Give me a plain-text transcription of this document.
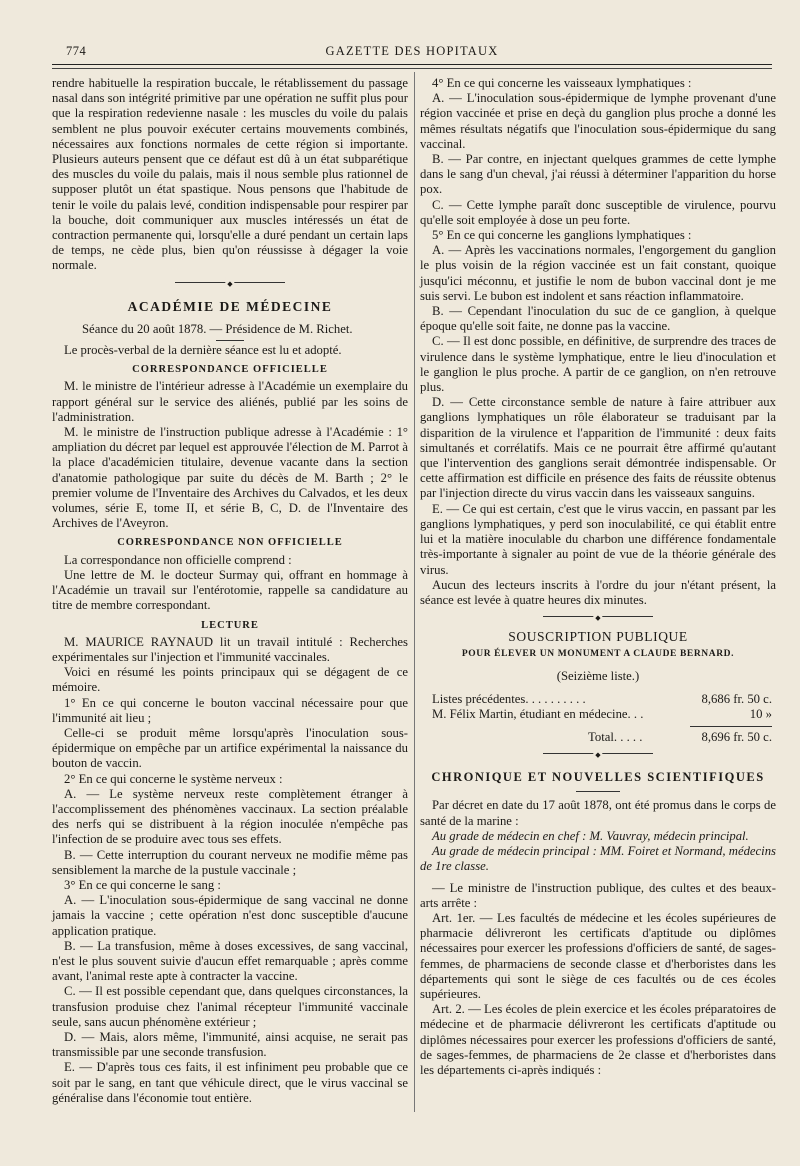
774	GAZETTE DES HOPITAUX

rendre habituelle la respiration buccale, le rétablissement du passage nasal dans son intégrité primitive par une opération ne suffit plus pour que la respiration redevienne nasale : les muscles du voile du palais semblent ne plus pouvoir exécuter certains mouvements combinés, nécessaires aux fonctions normales de cette région si importante. Plusieurs auteurs pensent que ce défaut est dû à un état subparétique des muscles du voile du palais, mais il nous semble plus rationnel de supposer plutôt un état spastique. Nous pensons que l'habitude de tenir le voile du palais levé, condition indispensable pour respirer par la bouche, doit communiquer aux muscles intéressés un état de contraction permanente qui, lorsqu'elle a duré pendant un certain laps de temps, ne cède plus, bien qu'on réussisse à dégager la voie normale.

◆
ACADÉMIE DE MÉDECINE

Séance du 20 août 1878. — Présidence de M. Richet.

Le procès-verbal de la dernière séance est lu et adopté.

CORRESPONDANCE OFFICIELLE

M. le ministre de l'intérieur adresse à l'Académie un exemplaire du rapport général sur le service des aliénés, publié par les soins de l'administration.

M. le ministre de l'instruction publique adresse à l'Académie : 1° ampliation du décret par lequel est approuvée l'élection de M. Parrot à la place d'académicien titulaire, devenue vacante dans la section d'anatomie pathologique par suite du décès de M. Barth ; 2° le premier volume de l'Inventaire des Archives du Calvados, et les deux volumes, série E, tome II, et série B, C, D. de l'Inventaire des Archives de l'Aveyron.

CORRESPONDANCE NON OFFICIELLE

La correspondance non officielle comprend :

Une lettre de M. le docteur Surmay qui, offrant en hommage à l'Académie un travail sur l'entérotomie, rappelle sa candidature au titre de membre correspondant.

LECTURE

M. MAURICE RAYNAUD lit un travail intitulé : Recherches expérimentales sur l'injection et l'immunité vaccinales.

Voici en résumé les points principaux qui se dégagent de ce mémoire.

1° En ce qui concerne le bouton vaccinal nécessaire pour que l'immunité ait lieu ;

Celle-ci se produit même lorsqu'après l'inoculation sous-épidermique on empêche par un artifice expérimental la naissance du bouton de vaccin.

2° En ce qui concerne le système nerveux :

A. — Le système nerveux reste complètement étranger à l'accomplissement des phénomènes vaccinaux. La section préalable des nerfs qui se distribuent à la région inoculée n'empêche pas l'infection de se produire avec tous ses effets.

B. — Cette interruption du courant nerveux ne modifie même pas sensiblement la marche de la pustule vaccinale ;

3° En ce qui concerne le sang :

A. — L'inoculation sous-épidermique de sang vaccinal ne donne jamais la vaccine ; cette opération n'est donc susceptible d'aucune application pratique.

B. — La transfusion, même à doses excessives, de sang vaccinal, n'est le plus souvent suivie d'aucun effet remarquable ; après comme avant, l'animal reste apte à contracter la vaccine.

C. — Il est possible cependant que, dans quelques circonstances, la transfusion produise chez l'animal récepteur l'immunité vaccinale seule, sans aucun phénomène extérieur ;

D. — Mais, alors même, l'immunité, ainsi acquise, ne serait pas transmissible par une seconde transfusion.

E. — D'après tous ces faits, il est infiniment peu probable que ce soit par le sang, en tant que véhicule direct, que le virus vaccinal se généralise dans l'économie tout entière.

4° En ce qui concerne les vaisseaux lymphatiques :

A. — L'inoculation sous-épidermique de lymphe provenant d'une région vaccinée et prise en deçà du ganglion plus proche a donné les mêmes résultats négatifs que l'inoculation sous-épidermique du sang vaccinal.

B. — Par contre, en injectant quelques grammes de cette lymphe dans le sang d'un cheval, j'ai réussi à déterminer l'apparition du horse pox.

C. — Cette lymphe paraît donc susceptible de virulence, pourvu qu'elle soit employée à dose un peu forte.

5° En ce qui concerne les ganglions lymphatiques :

A. — Après les vaccinations normales, l'engorgement du ganglion le plus voisin de la région vaccinée est un fait constant, quoique jusqu'ici méconnu, et justifie le nom de bubon vaccinal dont je me suis servi. Le bubon est indolent et sans réaction inflammatoire.

B. — Cependant l'inoculation du suc de ce ganglion, à quelque époque qu'elle soit faite, ne donne pas la vaccine.

C. — Il est donc possible, en définitive, de surprendre des traces de virulence dans le système lymphatique, entre le lieu d'inoculation et le ganglion le plus proche. A partir de ce ganglion, on n'en retrouve plus.

D. — Cette circonstance semble de nature à faire attribuer aux ganglions lymphatiques un rôle élaborateur se traduisant par la disparition de la virulence et l'apparition de l'immunité : deux faits simultanés et corrélatifs. Mais ce ne pourrait être affirmé qu'autant que l'intervention des ganglions serait démontrée indispensable. Or cette affirmation est difficile en présence des faits de réussite obtenus par l'injection directe du virus vaccin dans les vaisseaux sanguins.

E. — Ce qui est certain, c'est que le virus vaccin, en passant par les ganglions lymphatiques, y perd son inoculabilité, ce qui établit entre lui et la matière inoculable du charbon une différence fondamentale très-importante à signaler au point de vue de la théorie générale des virus.

Aucun des lecteurs inscrits à l'ordre du jour n'étant présent, la séance est levée à quatre heures dix minutes.

◆
SOUSCRIPTION PUBLIQUE
POUR ÉLEVER UN MONUMENT A CLAUDE BERNARD.
(Seizième liste.)
Listes précédentes. . . . . . . . . .	8,686 fr. 50 c.
M. Félix Martin, étudiant en médecine. . .	10 »
Total. . . . .	8,696 fr. 50 c.
◆
CHRONIQUE ET NOUVELLES SCIENTIFIQUES

Par décret en date du 17 août 1878, ont été promus dans le corps de santé de la marine :

Au grade de médecin en chef : M. Vauvray, médecin principal.

Au grade de médecin principal : MM. Foiret et Normand, médecins de 1re classe.

— Le ministre de l'instruction publique, des cultes et des beaux-arts arrête :

Art. 1er. — Les facultés de médecine et les écoles supérieures de pharmacie délivreront les certificats d'aptitude ou diplômes nécessaires pour exercer les professions d'officiers de santé, de sages-femmes, de pharmaciens de seconde classe et d'herboristes dans les départements qui sont le siège de ces facultés ou de ces écoles supérieures.

Art. 2. — Les écoles de plein exercice et les écoles préparatoires de médecine et de pharmacie délivreront les certificats d'aptitude ou diplômes nécessaires pour exercer les professions d'officiers de santé, de sages-femmes, de pharmaciens de 2e classe et d'herboristes dans les départements ci-après indiqués :
